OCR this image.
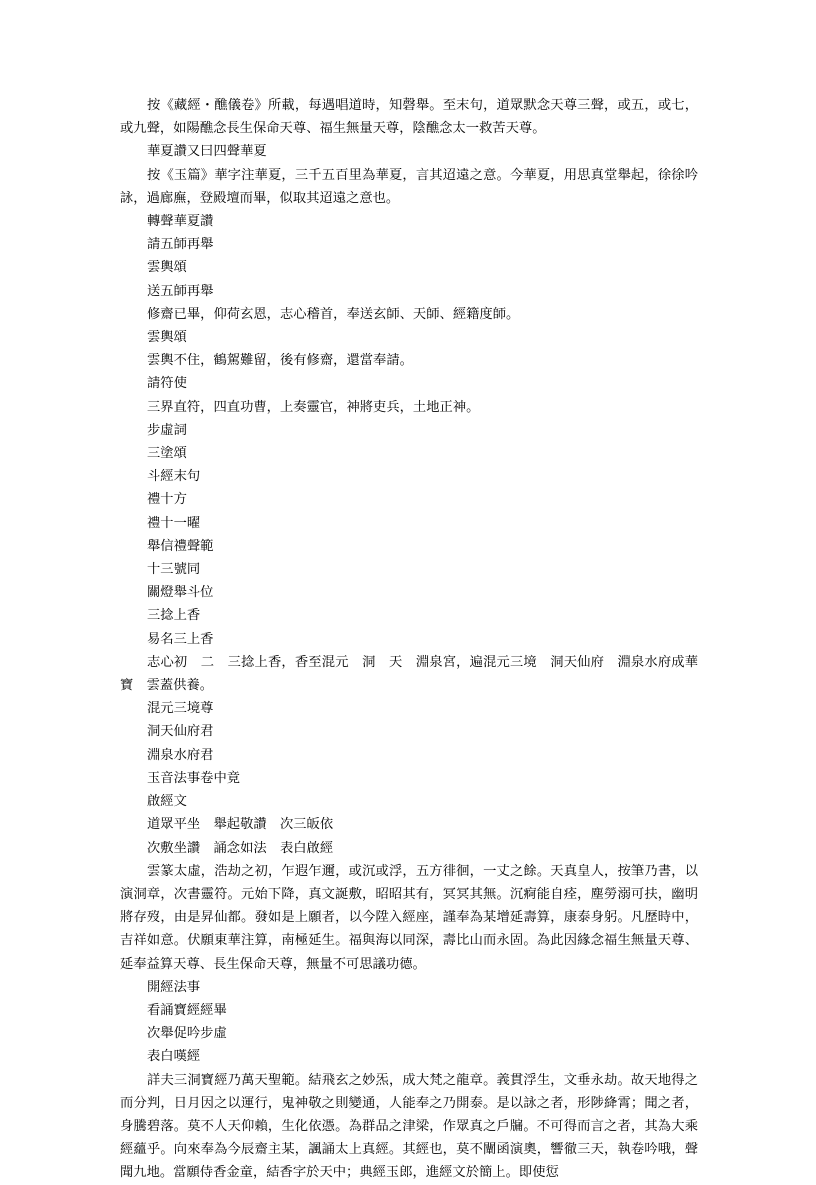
按《藏經・醮儀卷》所載，每遇唱道時，知磬舉。至末句，道眾默念天尊三聲，或五，或七，或九聲，如陽醮念長生保命天尊、福生無量天尊，陰醮念太一救苦天尊。

華夏讚又曰四聲華夏

按《玉篇》華字注華夏，三千五百里為華夏，言其迢遠之意。今華夏，用思真堂舉起，徐徐吟詠，過廊廡，登殿壇而畢，似取其迢遠之意也。

轉聲華夏讚

請五師再舉

雲輿頌

送五師再舉

修齋已畢，仰荷玄恩，志心稽首，奉送玄師、天師、經籍度師。

雲輿頌

雲輿不住，鶴駕難留，後有修齋，還當奉請。

請符使

三界直符，四直功曹，上奏靈官，神將吏兵，土地正神。

步虛詞

三塗頌

斗經末句

禮十方

禮十一曜

舉信禮聲範

十三號同

關燈舉斗位

三捻上香

易名三上香

志心初　二　三捻上香，香至混元　洞　天　淵泉宮，遍混元三境　洞天仙府　淵泉水府成華　寶　雲蓋供養。

混元三境尊

洞天仙府君

淵泉水府君

玉音法事卷中竟

啟經文

道眾平坐　舉起敬讚　次三皈依

次敷坐讚　誦念如法　表白啟經

雲篆太虛，浩劫之初，乍遐乍邇，或沉或浮，五方徘徊，一丈之餘。天真皇人，按筆乃書，以演洞章，次書靈符。元始下降，真文誕敷，昭昭其有，冥冥其無。沉痾能自痊，塵勞溺可扶，幽明將存歿，由是昇仙都。發如是上願者，以今陞入經座，謹奉為某增延壽算，康泰身躬。凡歷時中，吉祥如意。伏願東華注算，南極延生。福與海以同深，壽比山而永固。為此因緣念福生無量天尊、延奉益算天尊、長生保命天尊，無量不可思議功德。

開經法事

看誦寶經經畢

次舉促吟步虛

表白嘆經

詳夫三洞寶經乃萬天聖範。結飛玄之妙炁，成大梵之龍章。義貫浮生，文垂永劫。故天地得之而分判，日月因之以運行，鬼神敬之則變通，人能奉之乃開泰。是以詠之者，形陟絳霄；聞之者，身騰碧落。莫不人天仰賴，生化依憑。為群品之津梁，作眾真之戶牖。不可得而言之者，其為大乘經蘊乎。向來奉為今辰齋主某，諷誦太上真經。其經也，莫不闡函演奧，響徹三天，執卷吟哦，聲聞九地。當願侍香金童，結香字於天中；典經玉郎，進經文於簡上。即使愆
